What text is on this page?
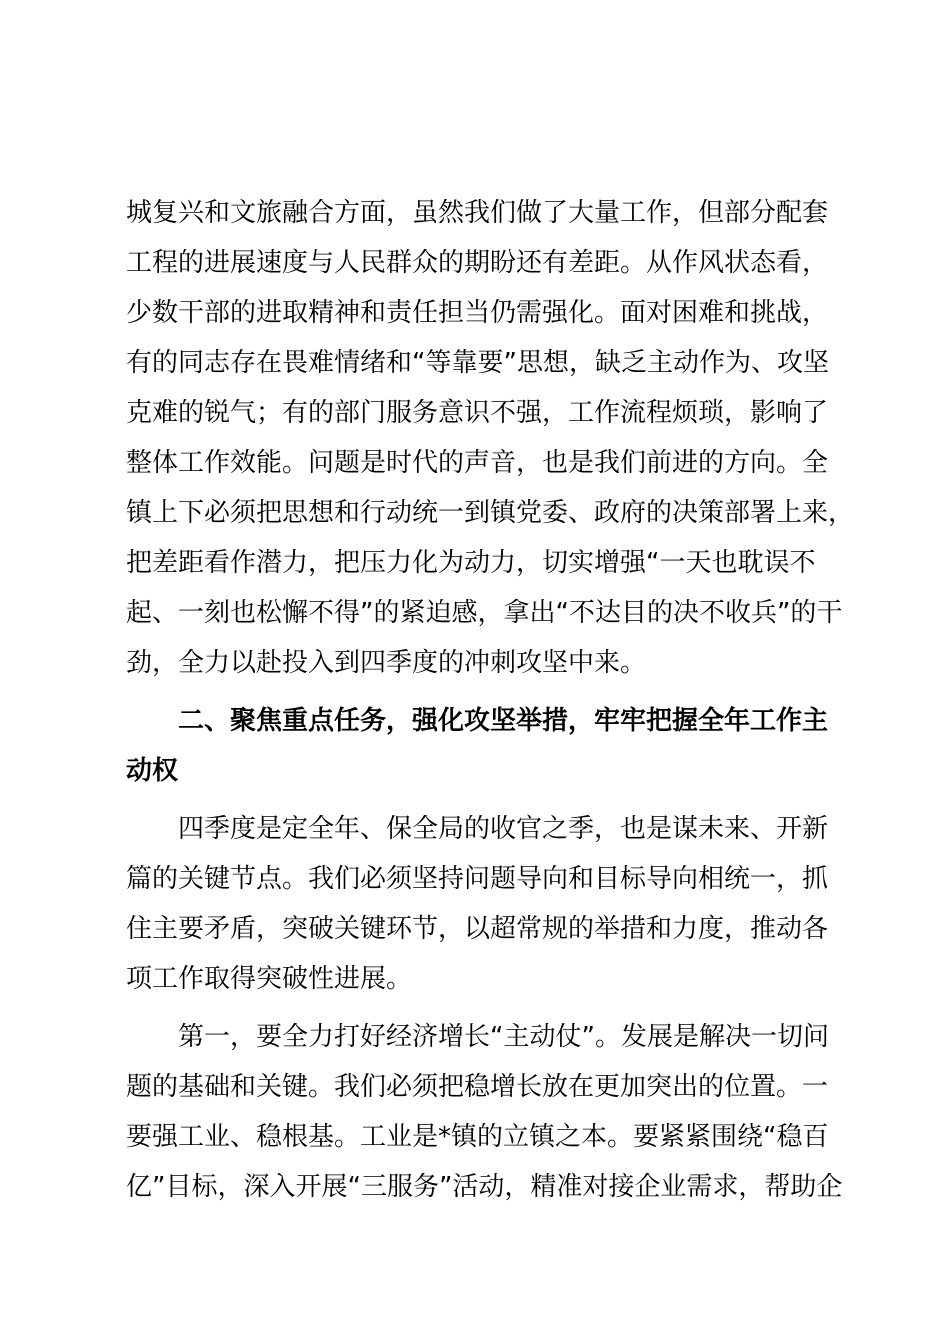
城复兴和文旅融合方面，虽然我们做了大量工作，但部分配套
工程的进展速度与人民群众的期盼还有差距。从作风状态看，
少数干部的进取精神和责任担当仍需强化。面对困难和挑战，
有的同志存在畏难情绪和“等靠要”思想，缺乏主动作为、攻坚
克难的锐气；有的部门服务意识不强，工作流程烦琐，影响了
整体工作效能。问题是时代的声音，也是我们前进的方向。全
镇上下必须把思想和行动统一到镇党委、政府的决策部署上来，
把差距看作潜力，把压力化为动力，切实增强“一天也耽误不
起、一刻也松懈不得”的紧迫感，拿出“不达目的决不收兵”的干
劲，全力以赴投入到四季度的冲刺攻坚中来。
二、聚焦重点任务，强化攻坚举措，牢牢把握全年工作主
动权
四季度是定全年、保全局的收官之季，也是谋未来、开新
篇的关键节点。我们必须坚持问题导向和目标导向相统一，抓
住主要矛盾，突破关键环节，以超常规的举措和力度，推动各
项工作取得突破性进展。
第一，要全力打好经济增长“主动仗”。发展是解决一切问
题的基础和关键。我们必须把稳增长放在更加突出的位置。一
要强工业、稳根基。工业是*镇的立镇之本。要紧紧围绕“稳百
亿”目标，深入开展“三服务”活动，精准对接企业需求，帮助企
